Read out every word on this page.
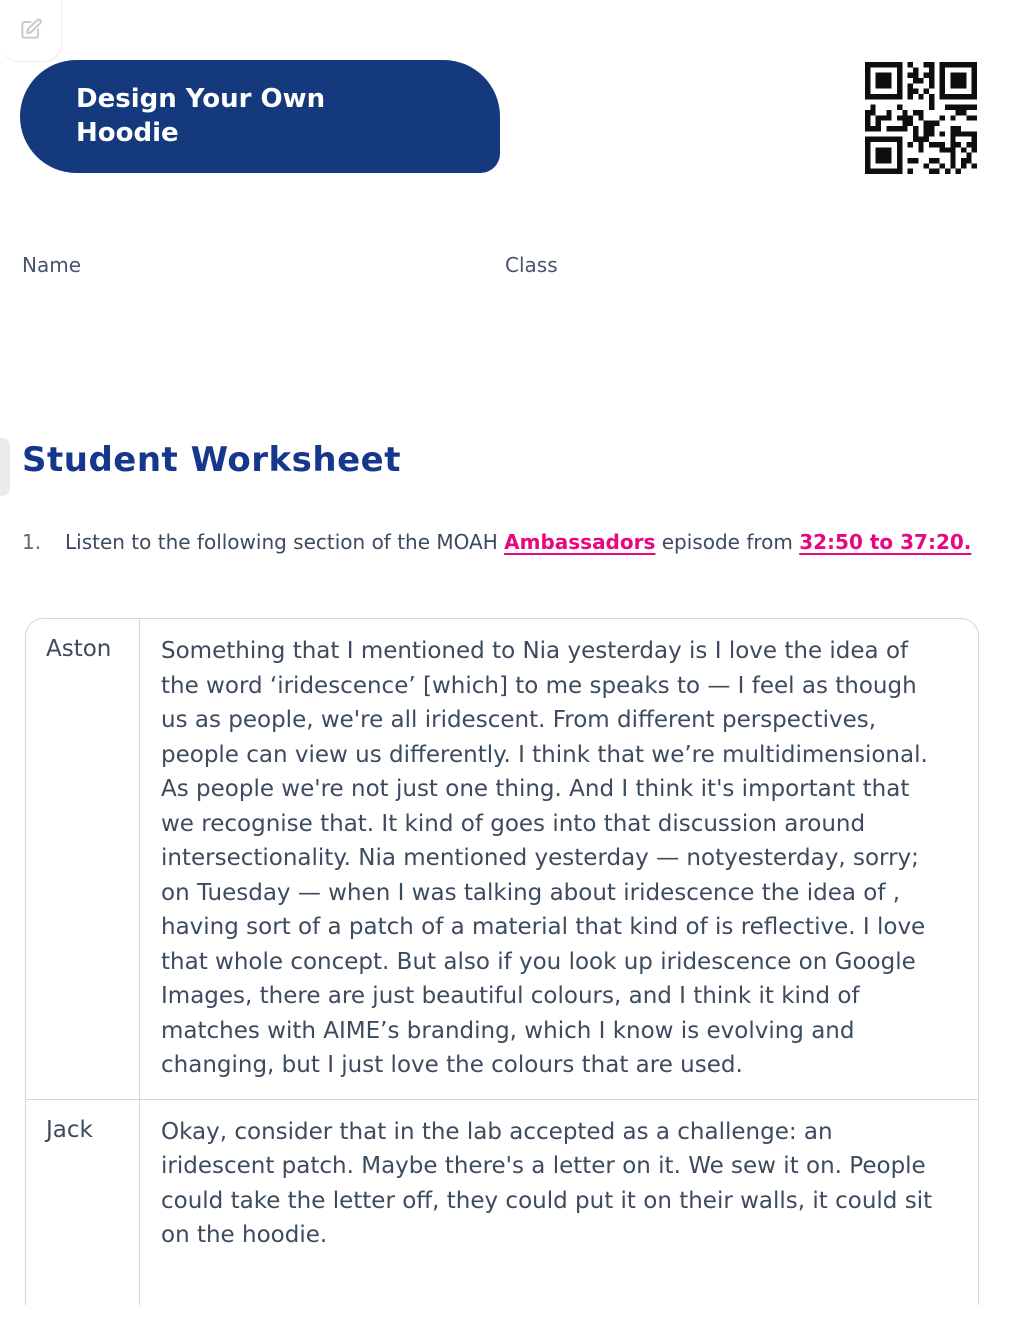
Design Your Own Hoodie
Name	Class
Student Worksheet
1.	Listen to the following section of the MOAH Ambassadors episode from 32:50 to 37:20.
Aston	Something that I mentioned to Nia yesterday is I love the idea of the word ‘iridescence’ [which] to me speaks to — I feel as though us as people, we're all iridescent. From different perspectives, people can view us differently. I think that we’re multidimensional. As people we're not just one thing. And I think it's important that we recognise that. It kind of goes into that discussion around intersectionality. Nia mentioned yesterday — notyesterday, sorry; on Tuesday — when I was talking about iridescence the idea of , having sort of a patch of a material that kind of is reflective. I love that whole concept. But also if you look up iridescence on Google Images, there are just beautiful colours, and I think it kind of matches with AIME’s branding, which I know is evolving and changing, but I just love the colours that are used.
Jack	Okay, consider that in the lab accepted as a challenge: an iridescent patch. Maybe there's a letter on it. We sew it on. People could take the letter off, they could put it on their walls, it could sit on the hoodie.
